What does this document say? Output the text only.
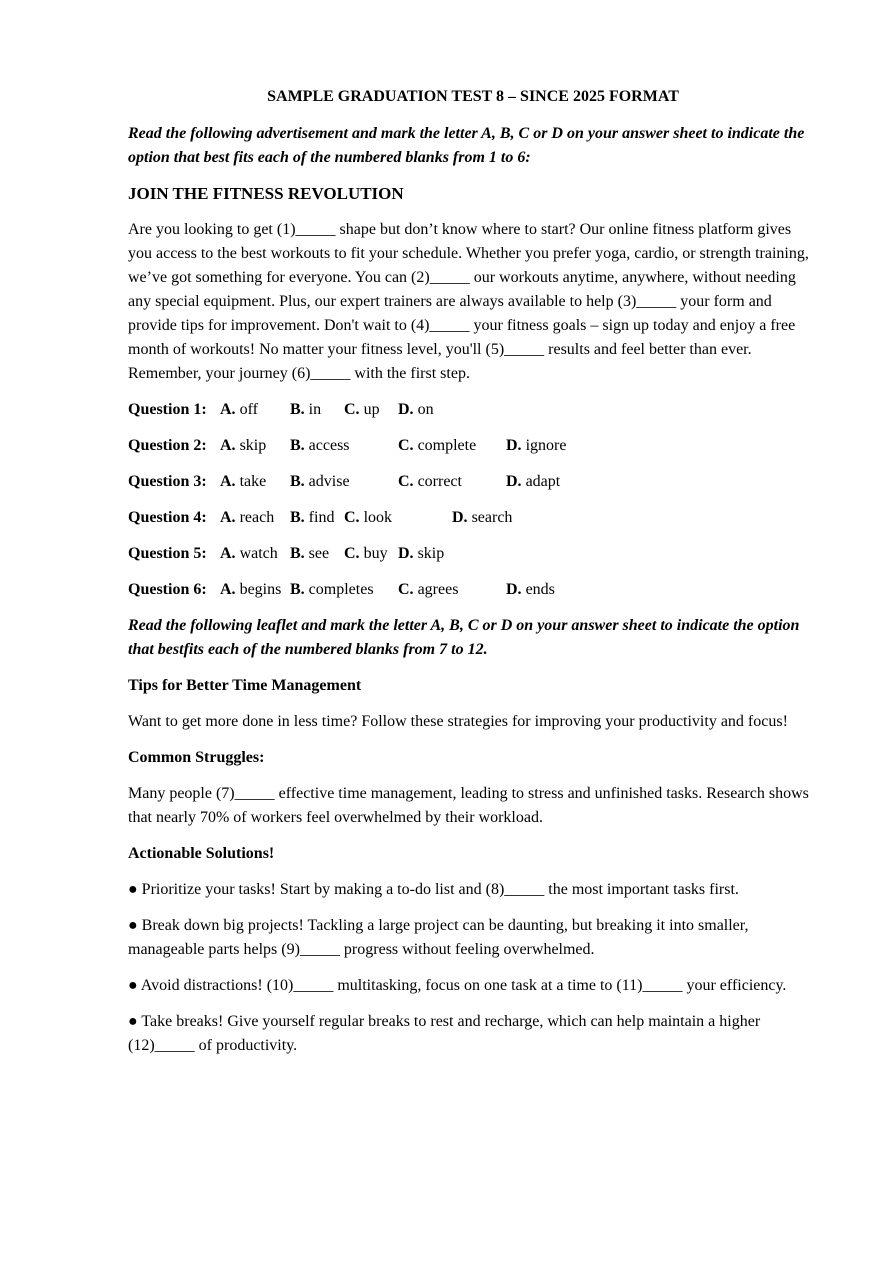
SAMPLE GRADUATION TEST 8 – SINCE 2025 FORMAT
Read the following advertisement and mark the letter A, B, C or D on your answer sheet to indicate the option that best fits each of the numbered blanks from 1 to 6:
JOIN THE FITNESS REVOLUTION
Are you looking to get (1)_____ shape but don’t know where to start? Our online fitness platform gives you access to the best workouts to fit your schedule. Whether you prefer yoga, cardio, or strength training, we’ve got something for everyone. You can (2)_____ our workouts anytime, anywhere, without needing any special equipment. Plus, our expert trainers are always available to help (3)_____ your form and provide tips for improvement. Don't wait to (4)_____ your fitness goals – sign up today and enjoy a free month of workouts! No matter your fitness level, you'll (5)_____ results and feel better than ever. Remember, your journey (6)_____ with the first step.
Question 1: A. off B. in C. up D. on
Question 2: A. skip B. access	C. complete D. ignore
Question 3: A. take B. advise	C. correct	D. adapt
Question 4: A. reach B. find C. look	D. search
Question 5: A. watch B. see C. buy D. skip
Question 6: A. begins B. completes C. agrees	D. ends
Read the following leaflet and mark the letter A, B, C or D on your answer sheet to indicate the option that bestfits each of the numbered blanks from 7 to 12.
Tips for Better Time Management
Want to get more done in less time? Follow these strategies for improving your productivity and focus!
Common Struggles:
Many people (7)_____ effective time management, leading to stress and unfinished tasks. Research shows that nearly 70% of workers feel overwhelmed by their workload.
Actionable Solutions!
● Prioritize your tasks! Start by making a to-do list and (8)_____ the most important tasks first.
● Break down big projects! Tackling a large project can be daunting, but breaking it into smaller, manageable parts helps (9)_____ progress without feeling overwhelmed.
● Avoid distractions! (10)_____ multitasking, focus on one task at a time to (11)_____ your efficiency.
● Take breaks! Give yourself regular breaks to rest and recharge, which can help maintain a higher (12)_____ of productivity.
